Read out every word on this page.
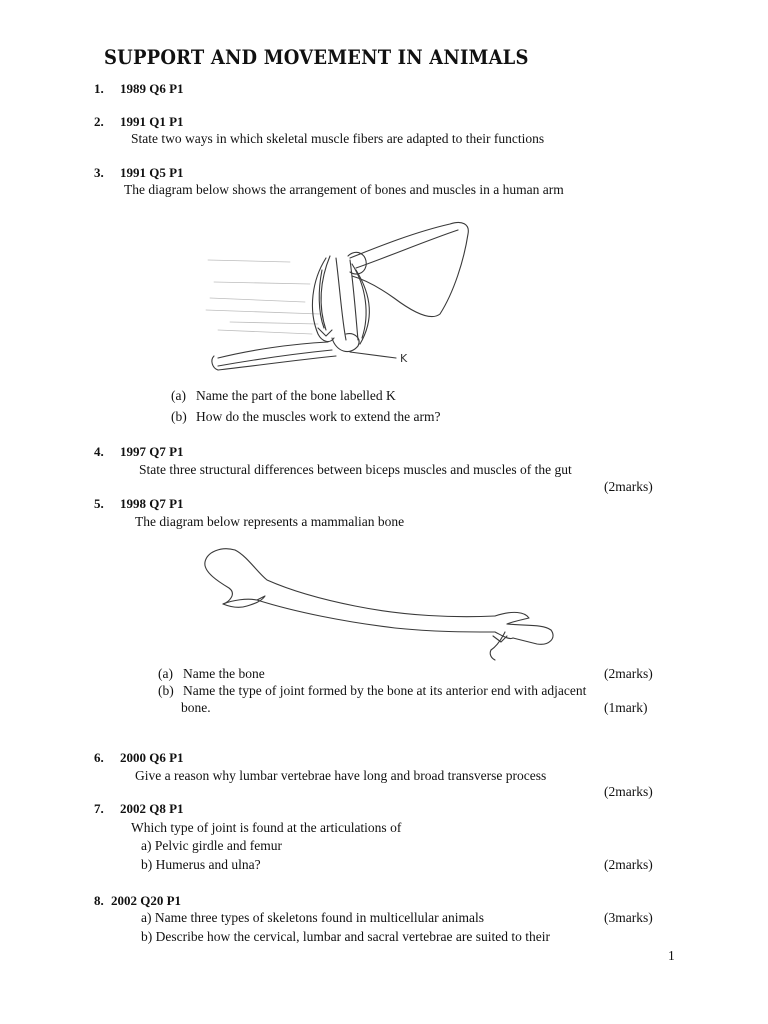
SUPPORT AND MOVEMENT IN ANIMALS
1. 1989 Q6 P1
2. 1991 Q1 P1
State two ways in which skeletal muscle fibers are adapted to their functions
3. 1991 Q5 P1
The diagram below shows the arrangement of bones and muscles in a human arm
K
(a) Name the part of the bone labelled K
(b) How do the muscles work to extend the arm?
4. 1997 Q7 P1
State three structural differences between biceps muscles and muscles of the gut
(2marks)
5. 1998 Q7 P1
The diagram below represents a mammalian bone
(a) Name the bone	(2marks)
(b) Name the type of joint formed by the bone at its anterior end with adjacent
bone.	(1mark)
6. 2000 Q6 P1
Give a reason why lumbar vertebrae have long and broad transverse process
(2marks)
7. 2002 Q8 P1
Which type of joint is found at the articulations of
a) Pelvic girdle and femur
b) Humerus and ulna?	(2marks)
8. 2002 Q20 P1
a) Name three types of skeletons found in multicellular animals	(3marks)
b) Describe how the cervical, lumbar and sacral vertebrae are suited to their
1
